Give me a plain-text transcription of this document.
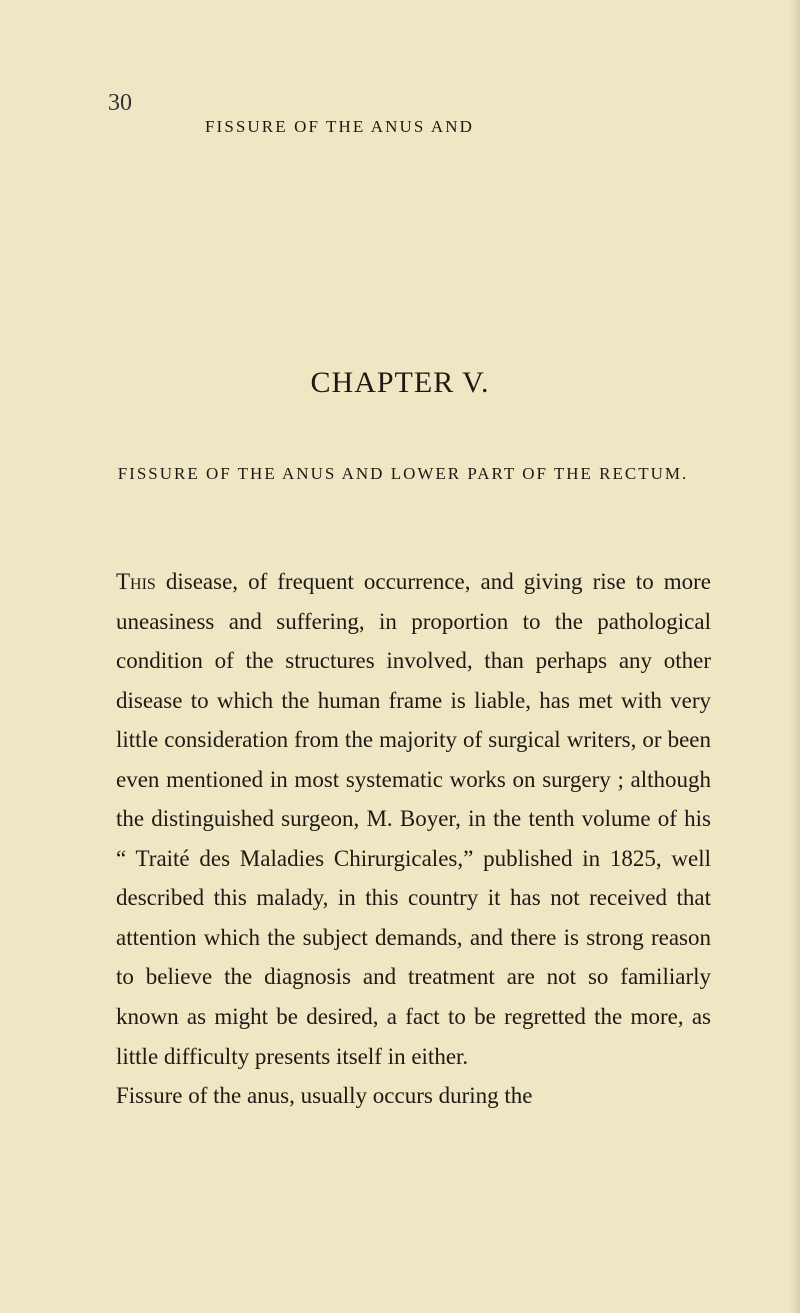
30
FISSURE OF THE ANUS AND
CHAPTER V.
FISSURE OF THE ANUS AND LOWER PART OF THE RECTUM.

This disease, of frequent occurrence, and giving rise to more uneasiness and suffering, in proportion to the pathological condition of the structures involved, than perhaps any other disease to which the human frame is liable, has met with very little consideration from the majority of surgical writers, or been even mentioned in most systematic works on surgery ; although the distinguished surgeon, M. Boyer, in the tenth volume of his “ Traité des Maladies Chirurgicales,” published in 1825, well described this malady, in this country it has not received that attention which the subject demands, and there is strong reason to believe the diagnosis and treatment are not so familiarly known as might be desired, a fact to be regretted the more, as little difficulty presents itself in either.

Fissure of the anus, usually occurs during the
